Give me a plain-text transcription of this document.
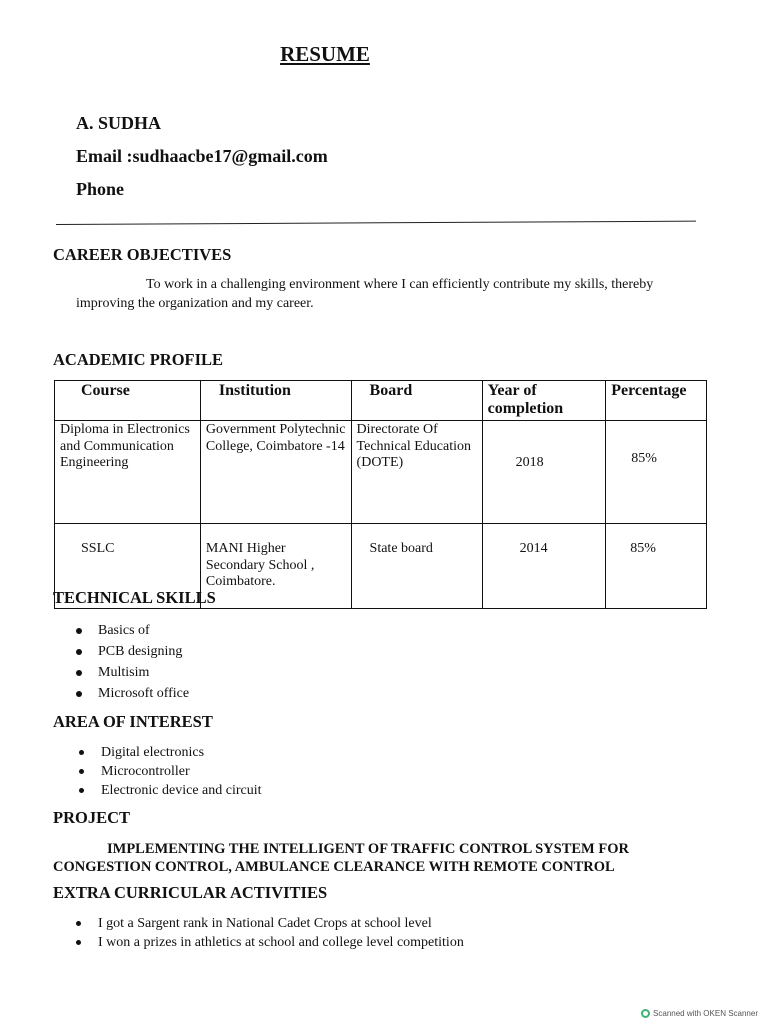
RESUME
A. SUDHA
Email :sudhaacbe17@gmail.com
Phone
CAREER OBJECTIVES
To work in a challenging environment where I can efficiently contribute my skills, thereby
improving the organization and my career.
ACADEMIC PROFILE
Course	Institution	Board	Year of completion	Percentage
Diploma in Electronics and Communication Engineering	Government Polytechnic College, Coimbatore -14	Directorate Of Technical Education (DOTE)	2018	85%
SSLC	MANI Higher Secondary School , Coimbatore.	State board	2014	85%
TECHNICAL SKILLS
Basics of
PCB designing
Multisim
Microsoft office
AREA OF INTEREST
Digital electronics
Microcontroller
Electronic device and circuit
PROJECT
IMPLEMENTING THE INTELLIGENT OF TRAFFIC CONTROL SYSTEM FOR
CONGESTION CONTROL, AMBULANCE CLEARANCE WITH REMOTE CONTROL
EXTRA CURRICULAR ACTIVITIES
I got a Sargent rank in National Cadet Crops at school level
I won a prizes in athletics at school and college level competition
Scanned with OKEN Scanner
